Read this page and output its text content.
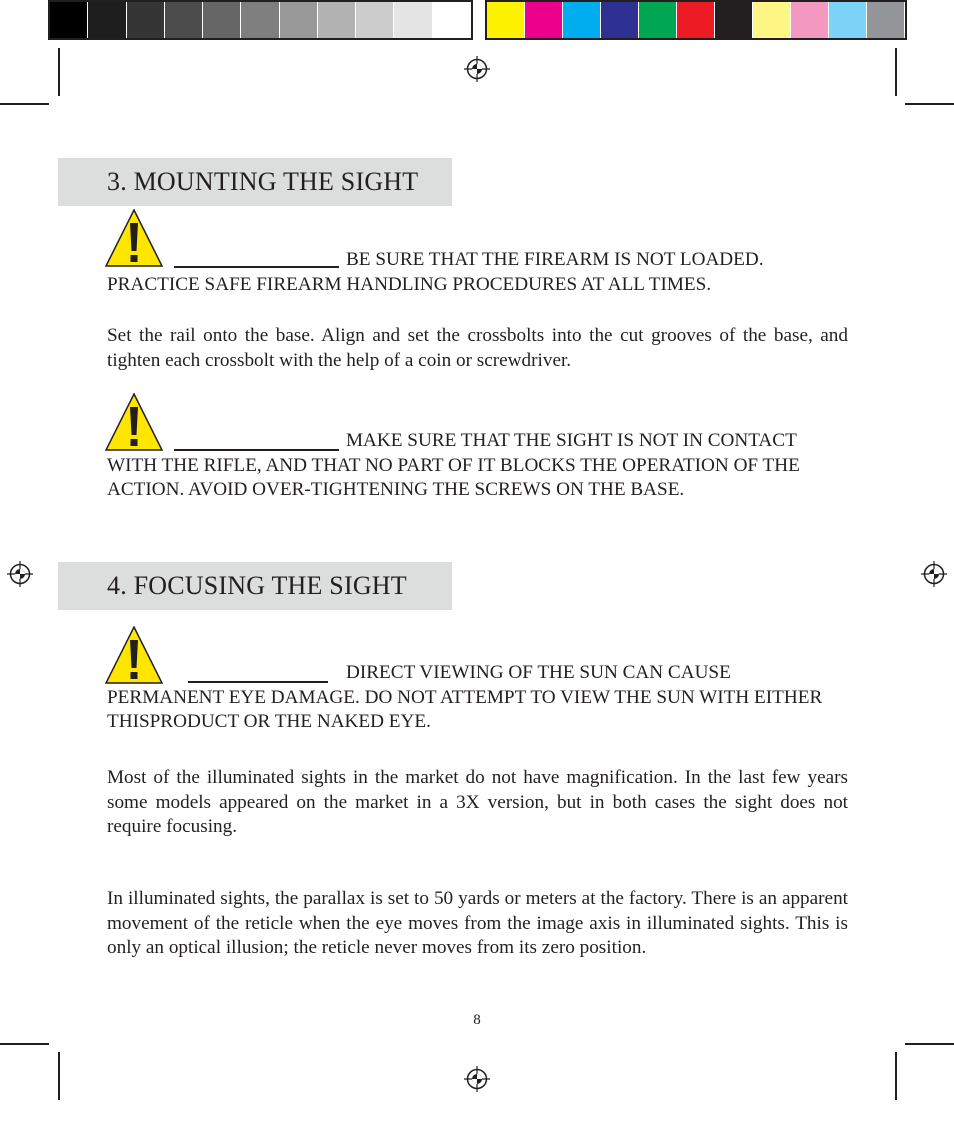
3. MOUNTING THE SIGHT
BE SURE THAT THE FIREARM IS NOT LOADED. PRACTICE SAFE FIREARM HANDLING PROCEDURES AT ALL TIMES.
Set the rail onto the base. Align and set the crossbolts into the cut grooves of the base, and tighten each crossbolt with the help of a coin or screwdriver.
MAKE SURE THAT THE SIGHT IS NOT IN CONTACT WITH THE RIFLE, AND THAT NO PART OF IT BLOCKS THE OPERATION OF THE ACTION. AVOID OVER-TIGHTENING THE SCREWS ON THE BASE.
4. FOCUSING THE SIGHT
DIRECT VIEWING OF THE SUN CAN CAUSE PERMANENT EYE DAMAGE. DO NOT ATTEMPT TO VIEW THE SUN WITH EITHER THISPRODUCT OR THE NAKED EYE.
Most of the illuminated sights in the market do not have magnification. In the last few years some models appeared on the market in a 3X version, but in both cases the sight does not require focusing.
In illuminated sights, the parallax is set to 50 yards or meters at the factory. There is an apparent movement of the reticle when the eye moves from the image axis in illuminated sights. This is only an optical illusion; the reticle never moves from its zero position.
8
